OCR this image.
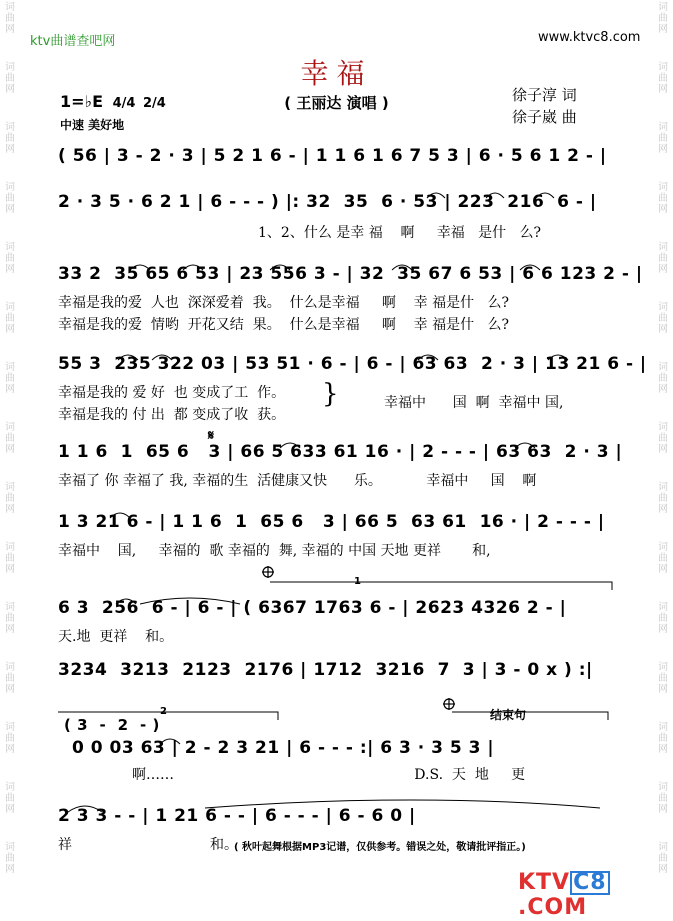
词曲网
词曲网
词曲网
词曲网
词曲网
词曲网
词曲网
词曲网
词曲网
词曲网
词曲网
词曲网
词曲网
词曲网
词曲网
词曲网
词曲网
词曲网
词曲网
词曲网
词曲网
词曲网
词曲网
词曲网
词曲网
词曲网
词曲网
词曲网
词曲网
词曲网
ktv曲谱查吧网	www.ktvc8.com
幸福
( 王丽达 演唱 )	徐子淳 词
徐子崴 曲
1=♭E 4/4 2/4
中速 美好地
( 56 | 3 - 2 · 3 | 5 2 1 6 - | 1 1 6 1 6 7 5 3 | 6 · 5 6 1 2 - |
2 · 3 5 · 6 2 1 | 6 - - - ) |: 32  35  6 · 53 | 223  216  6 - |
1、2、什么 是幸 福    啊     幸福   是什   么?
33 2  35 65 6 53 | 23 556 3 - | 32  35 67 6 53 | 6 6 123 2 - |
幸福是我的爱  人也  深深爱着  我。  什么是幸福     啊    幸 福是什   么?
幸福是我的爱  情哟  开花又结  果。  什么是幸福     啊    幸 福是什   么?
55 3  235 322 03 | 53 51 · 6 - | 6 - | 63 63  2 · 3 | 13 21 6 - |
幸福是我的 爱 好  也 变成了工  作。
幸福是我的 付 出  都 变成了收  获。
幸福中      国  啊  幸福中 国,
1 1 6  1  65 6   3 | 66 5 633 61 16 · | 2 - - - | 63 63  2 · 3 |
幸福了 你 幸福了 我, 幸福的生  活健康又快      乐。          幸福中     国    啊
1 3 21 6 - | 1 1 6  1  65 6   3 | 66 5  63 61  16 · | 2 - - - |
幸福中    国,     幸福的  歌 幸福的  舞, 幸福的 中国 天地 更祥       和,
6 3  256  6 - | 6 - | ( 6367 1763 6 - | 2623 4326 2 - |
天.地  更祥    和。
3234  3213  2123  2176 | 1712  3216  7  3 | 3 - 0 x ) :|
( 3  -  2  - )
结束句
0 0 03 63 | 2 - 2 3 21 | 6 - - - :| 6 3 · 3 5 3 |
啊……                                                      D.S.  天  地     更
2 3 3 - - | 1 21 6 - - | 6 - - - | 6 - 6 0 |
祥                               和。
( 秋叶起舞根据MP3记谱，仅供参考。错误之处，敬请批评指正。)
2
1
𝄋
}
KTV C8.COM
